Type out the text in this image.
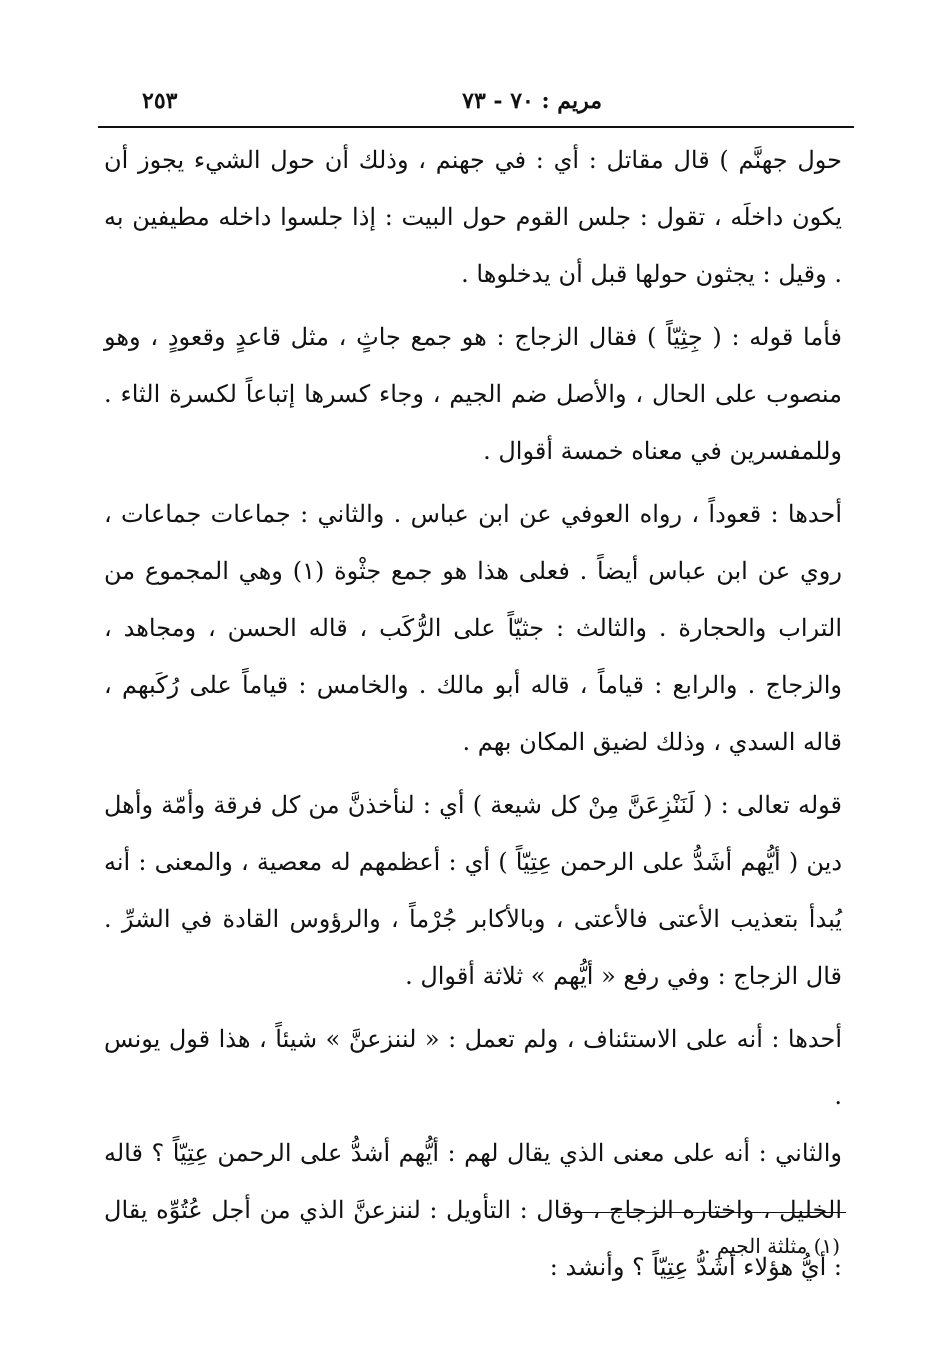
مريم : ٧٠ - ٧٣
٢٥٣

حول جهنَّم ) قال مقاتل : أي : في جهنم ، وذلك أن حول الشيء يجوز أن يكون داخلَه ، تقول : جلس القوم حول البيت : إذا جلسوا داخله مطيفين به . وقيل : يجثون حولها قبل أن يدخلوها .

فأما قوله : ( جِثِيّاً ) فقال الزجاج : هو جمع جاثٍ ، مثل قاعدٍ وقعودٍ ، وهو منصوب على الحال ، والأصل ضم الجيم ، وجاء كسرها إتباعاً لكسرة الثاء . وللمفسرين في معناه خمسة أقوال .

أحدها : قعوداً ، رواه العوفي عن ابن عباس . والثاني : جماعات جماعات ، روي عن ابن عباس أيضاً . فعلى هذا هو جمع جثْوة (١) وهي المجموع من التراب والحجارة . والثالث : جثيّاً على الرُّكَب ، قاله الحسن ، ومجاهد ، والزجاج . والرابع : قياماً ، قاله أبو مالك . والخامس : قياماً على رُكَبهم ، قاله السدي ، وذلك لضيق المكان بهم .

قوله تعالى : ( لَنَنْزِعَنَّ مِنْ كل شيعة ) أي : لنأخذنَّ من كل فرقة وأمّة وأهل دين ( أيُّهم أشَدُّ على الرحمن عِتِيّاً ) أي : أعظمهم له معصية ، والمعنى : أنه يُبدأ بتعذيب الأعتى فالأعتى ، وبالأكابر جُرْماً ، والرؤوس القادة في الشرِّ . قال الزجاج : وفي رفع « أيُّهم » ثلاثة أقوال .

أحدها : أنه على الاستئناف ، ولم تعمل : « لننزعنَّ » شيئاً ، هذا قول يونس .

والثاني : أنه على معنى الذي يقال لهم : أيُّهم أشدُّ على الرحمن عِتِيّاً ؟ قاله الخليل ، واختاره الزجاج ، وقال : التأويل : لننزعنَّ الذي من أجل عُتُوِّه يقال : أيُّ هؤلاء أشَدُّ عِتِيّاً ؟ وأنشد :

(١) مثلثة الجيم .
